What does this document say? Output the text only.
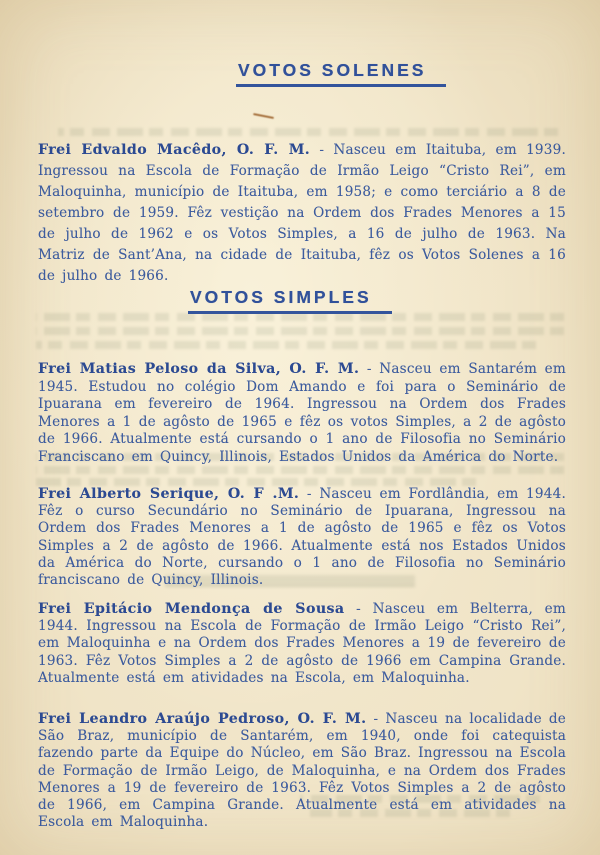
VOTOS SOLENES

Frei Edvaldo Macêdo, O. F. M. - Nasceu em Itaituba, em 1939. Ingressou na Escola de Formação de Irmão Leigo “Cristo Rei”, em Maloquinha, município de Itaituba, em 1958; e como terciário a 8 de setembro de 1959. Fêz vestição na Ordem dos Frades Menores a 15 de julho de 1962 e os Votos Simples, a 16 de julho de 1963. Na Matriz de Sant’Ana, na cidade de Itaituba, fêz os Votos Solenes a 16 de julho de 1966.

VOTOS SIMPLES

Frei Matias Peloso da Silva, O. F. M. - Nasceu em Santarém em 1945. Estudou no colégio Dom Amando e foi para o Seminário de Ipuarana em fevereiro de 1964. Ingressou na Ordem dos Frades Menores a 1 de agôsto de 1965 e fêz os votos Simples, a 2 de agôsto de 1966. Atualmente está cursando o 1 ano de Filosofia no Seminário Franciscano em Quincy, Illinois, Estados Unidos da América do Norte.

Frei Alberto Serique, O. F .M. - Nasceu em Fordlândia, em 1944. Fêz o curso Secundário no Seminário de Ipuarana, Ingressou na Ordem dos Frades Menores a 1 de agôsto de 1965 e fêz os Votos Simples a 2 de agôsto de 1966. Atualmente está nos Estados Unidos da América do Norte, cursando o 1 ano de Filosofia no Seminário franciscano de Quincy, Illinois.

Frei Epitácio Mendonça de Sousa - Nasceu em Belterra, em 1944. Ingressou na Escola de Formação de Irmão Leigo “Cristo Rei”, em Maloquinha e na Ordem dos Frades Menores a 19 de fevereiro de 1963. Fêz Votos Simples a 2 de agôsto de 1966 em Campina Grande. Atualmente está em atividades na Escola, em Maloquinha.

Frei Leandro Araújo Pedroso, O. F. M. - Nasceu na localidade de São Braz, município de Santarém, em 1940, onde foi catequista fazendo parte da Equipe do Núcleo, em São Braz. Ingressou na Escola de Formação de Irmão Leigo, de Maloquinha, e na Ordem dos Frades Menores a 19 de fevereiro de 1963. Fêz Votos Simples a 2 de agôsto de 1966, em Campina Grande. Atualmente está em atividades na Escola em Maloquinha.
